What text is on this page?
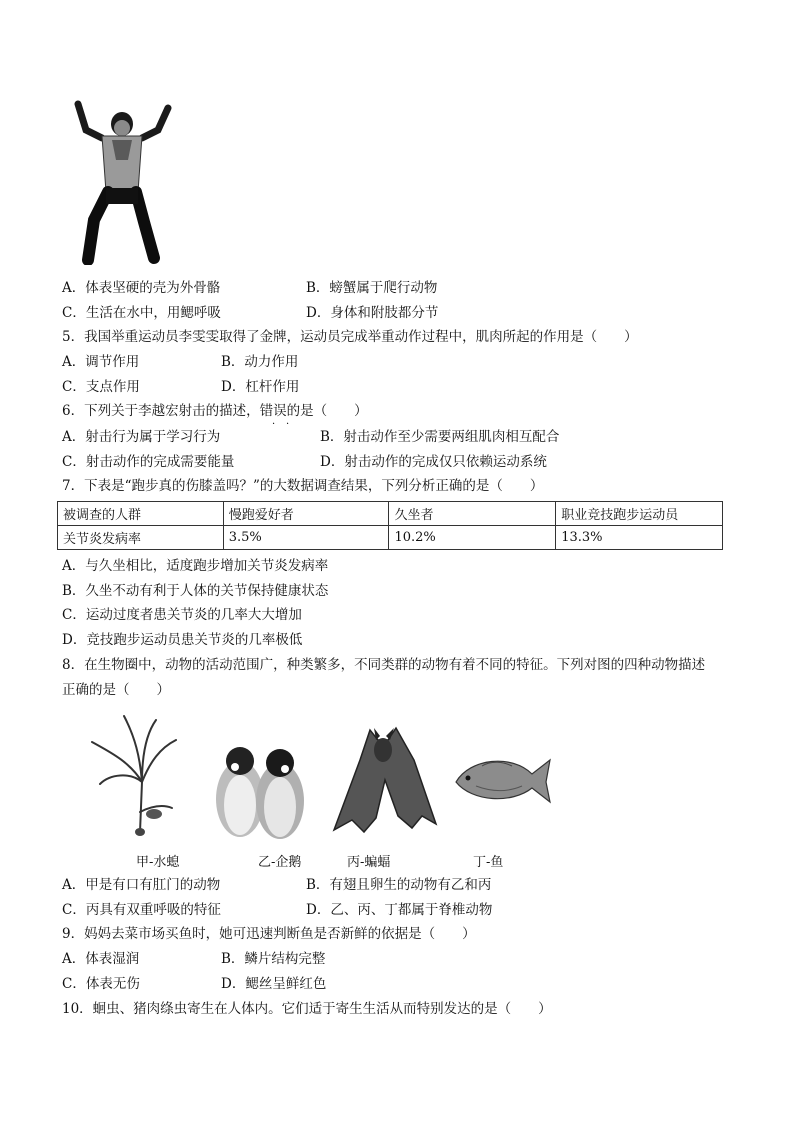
A．体表坚硬的壳为外骨骼	B．螃蟹属于爬行动物
C．生活在水中，用鳃呼吸	D．身体和附肢都分节
5．我国举重运动员李雯雯取得了金牌，运动员完成举重动作过程中，肌肉所起的作用是（　　）
A．调节作用	B．动力作用
C．支点作用	D．杠杆作用
6．下列关于李越宏射击的描述，错误的是（　　）
· ·
A．射击行为属于学习行为	B．射击动作至少需要两组肌肉相互配合
C．射击动作的完成需要能量	D．射击动作的完成仅只依赖运动系统
7．下表是“跑步真的伤膝盖吗？”的大数据调查结果，下列分析正确的是（　　）
被调查的人群	慢跑爱好者	久坐者	职业竞技跑步运动员
关节炎发病率	3.5%	10.2%	13.3%
A．与久坐相比，适度跑步增加关节炎发病率
B．久坐不动有利于人体的关节保持健康状态
C．运动过度者患关节炎的几率大大增加
D．竞技跑步运动员患关节炎的几率极低
8．在生物圈中，动物的活动范围广，种类繁多，不同类群的动物有着不同的特征。下列对图的四种动物描述
正确的是（　　）
甲-水螅	乙-企鹅	丙-蝙蝠	丁-鱼
A．甲是有口有肛门的动物	B．有翅且卵生的动物有乙和丙
C．丙具有双重呼吸的特征	D．乙、丙、丁都属于脊椎动物
9．妈妈去菜市场买鱼时，她可迅速判断鱼是否新鲜的依据是（　　）
A．体表湿润	B．鳞片结构完整
C．体表无伤	D．鳃丝呈鲜红色
10．蛔虫、猪肉绦虫寄生在人体内。它们适于寄生生活从而特别发达的是（　　）
